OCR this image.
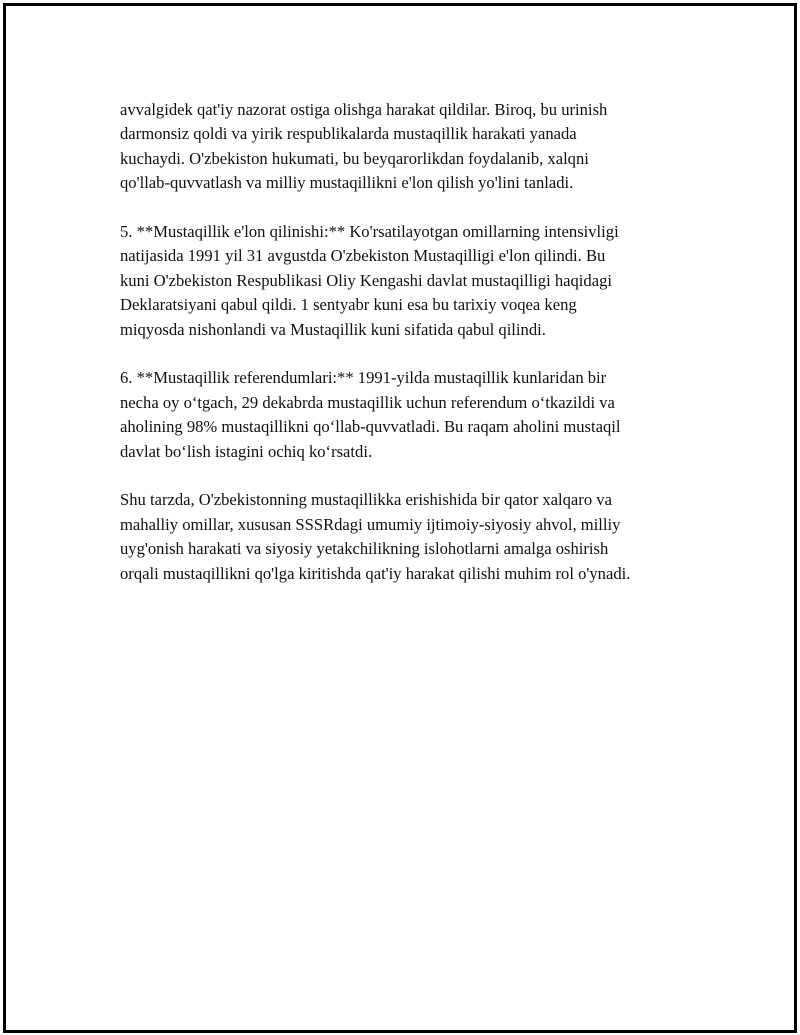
avvalgidek qat'iy nazorat ostiga olishga harakat qildilar. Biroq, bu urinish
darmonsiz qoldi va yirik respublikalarda mustaqillik harakati yanada
kuchaydi. O'zbekiston hukumati, bu beyqarorlikdan foydalanib, xalqni
qo'llab-quvvatlash va milliy mustaqillikni e'lon qilish yo'lini tanladi.

5. **Mustaqillik e'lon qilinishi:** Ko'rsatilayotgan omillarning intensivligi
natijasida 1991 yil 31 avgustda O'zbekiston Mustaqilligi e'lon qilindi. Bu
kuni O'zbekiston Respublikasi Oliy Kengashi davlat mustaqilligi haqidagi
Deklaratsiyani qabul qildi. 1 sentyabr kuni esa bu tarixiy voqea keng
miqyosda nishonlandi va Mustaqillik kuni sifatida qabul qilindi.

6. **Mustaqillik referendumlari:** 1991-yilda mustaqillik kunlaridan bir
necha oy o‘tgach, 29 dekabrda mustaqillik uchun referendum o‘tkazildi va
aholining 98% mustaqillikni qo‘llab-quvvatladi. Bu raqam aholini mustaqil
davlat bo‘lish istagini ochiq ko‘rsatdi.

Shu tarzda, O'zbekistonning mustaqillikka erishishida bir qator xalqaro va
mahalliy omillar, xususan SSSRdagi umumiy ijtimoiy-siyosiy ahvol, milliy
uyg'onish harakati va siyosiy yetakchilikning islohotlarni amalga oshirish
orqali mustaqillikni qo'lga kiritishda qat'iy harakat qilishi muhim rol o'ynadi.
